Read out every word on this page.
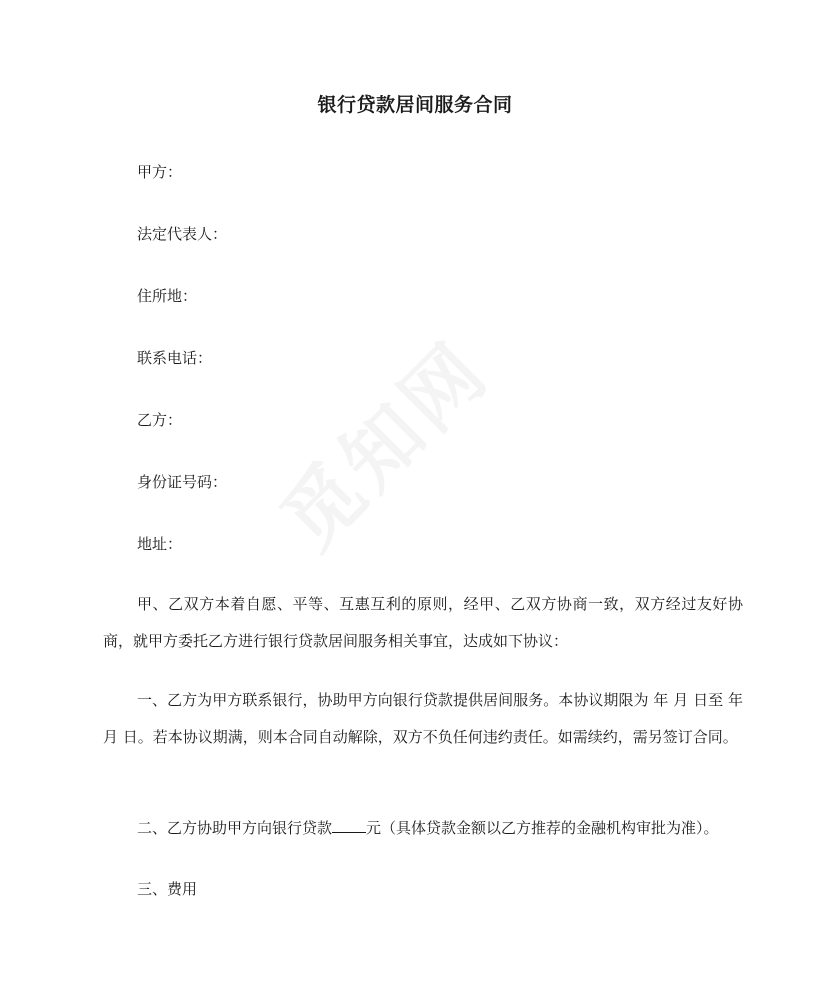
银行贷款居间服务合同
甲方：
法定代表人：
住所地：
联系电话：
乙方：
身份证号码：
地址：
甲、乙双方本着自愿、平等、互惠互利的原则，经甲、乙双方协商一致，双方经过友好协商，就甲方委托乙方进行银行贷款居间服务相关事宜，达成如下协议：
一、乙方为甲方联系银行，协助甲方向银行贷款提供居间服务。本协议期限为 年 月 日至 年 月 日。若本协议期满，则本合同自动解除，双方不负任何违约责任。如需续约，需另签订合同。
二、乙方协助甲方向银行贷款 元（具体贷款金额以乙方推荐的金融机构审批为准）。
三、费用
